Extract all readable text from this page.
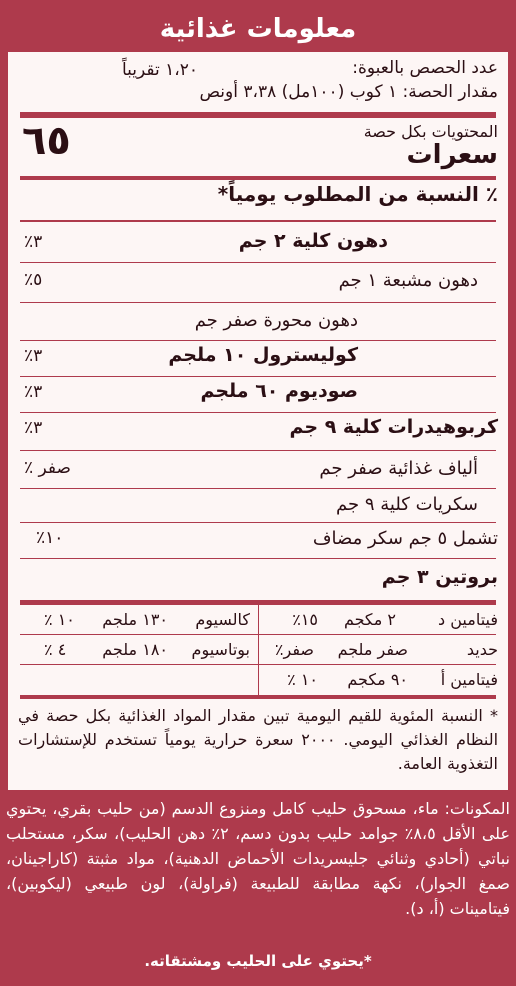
معلومات غذائية
عدد الحصص بالعبوة:
١،٢٠ تقريباً
مقدار الحصة: ١ كوب (١٠٠مل) ٣،٣٨ أونص
المحتويات بكل حصة
سعرات
٦٥
٪ النسبة من المطلوب يومياً*
دهون كلية ٢ جم
٣٪
دهون مشبعة ١ جم
٥٪
دهون محورة صفر جم
كوليسترول ١٠ ملجم
٣٪
صوديوم ٦٠ ملجم
٣٪
كربوهيدرات كلية ٩ جم
٣٪
ألياف غذائية صفر جم
صفر ٪
سكريات كلية ٩ جم
تشمل ٥ جم سكر مضاف
١٠٪
بروتين ٣ جم
فيتامين د
٢ مكجم
١٥٪
كالسيوم
١٣٠ ملجم
١٠ ٪
حديد
صفر ملجم
صفر٪
بوتاسيوم
١٨٠ ملجم
٤ ٪
فيتامين أ
٩٠ مكجم
١٠ ٪
* النسبة المئوية للقيم اليومية تبين مقدار المواد الغذائية بكل حصة في النظام الغذائي اليومي. ٢٠٠٠ سعرة حرارية يومياً تستخدم للإستشارات التغذوية العامة.
المكونات: ماء، مسحوق حليب كامل ومنزوع الدسم (من حليب بقري، يحتوي على الأقل ٨،٥٪ جوامد حليب بدون دسم، ٢٪ دهن الحليب)، سكر، مستحلب نباتي (أحادي وثنائي جليسريدات الأحماض الدهنية)، مواد مثبتة (كاراجينان، صمغ الجوار)، نكهة مطابقة للطبيعة (فراولة)، لون طبيعي (ليكوبين)، فيتامينات (أ، د).
*يحتوي على الحليب ومشتقاته.
